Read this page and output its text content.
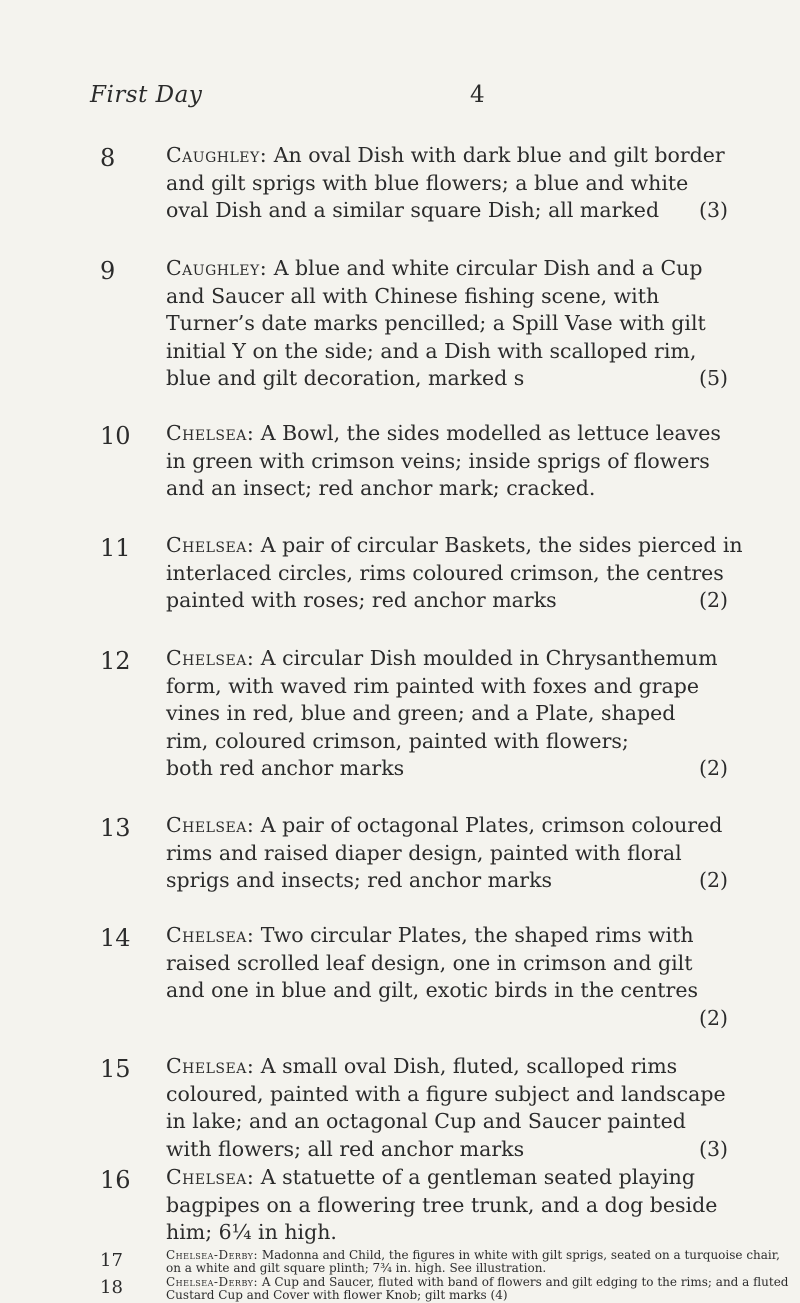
First Day	4
8	Caughley: An oval Dish with dark blue and gilt border
and gilt sprigs with blue flowers; a blue and white
oval Dish and a similar square Dish; all marked (3)
9	Caughley: A blue and white circular Dish and a Cup
and Saucer all with Chinese fishing scene, with
Turner’s date marks pencilled; a Spill Vase with gilt
initial Y on the side; and a Dish with scalloped rim,
blue and gilt decoration, marked s	(5)
10	Chelsea: A Bowl, the sides modelled as lettuce leaves
in green with crimson veins; inside sprigs of flowers
and an insect; red anchor mark; cracked.
11	Chelsea: A pair of circular Baskets, the sides pierced in
interlaced circles, rims coloured crimson, the centres
painted with roses; red anchor marks	(2)
12	Chelsea: A circular Dish moulded in Chrysanthemum
form, with waved rim painted with foxes and grape
vines in red, blue and green; and a Plate, shaped
rim, coloured crimson, painted with flowers;
both red anchor marks	(2)
13	Chelsea: A pair of octagonal Plates, crimson coloured
rims and raised diaper design, painted with floral
sprigs and insects; red anchor marks	(2)
14	Chelsea: Two circular Plates, the shaped rims with
raised scrolled leaf design, one in crimson and gilt
and one in blue and gilt, exotic birds in the centres
(2)
15	Chelsea: A small oval Dish, fluted, scalloped rims
coloured, painted with a figure subject and landscape
in lake; and an octagonal Cup and Saucer painted
with flowers; all red anchor marks	(3)
16	Chelsea: A statuette of a gentleman seated playing
bagpipes on a flowering tree trunk, and a dog beside
him; 6¼ in high.
17	Chelsea-Derby: Madonna and Child, the figures in white with gilt sprigs, seated on a turquoise chair,
on a white and gilt square plinth; 7¾ in. high. See illustration.
18	Chelsea-Derby: A Cup and Saucer, fluted with band of flowers and gilt edging to the rims; and a fluted
Custard Cup and Cover with flower Knob; gilt marks (4)
